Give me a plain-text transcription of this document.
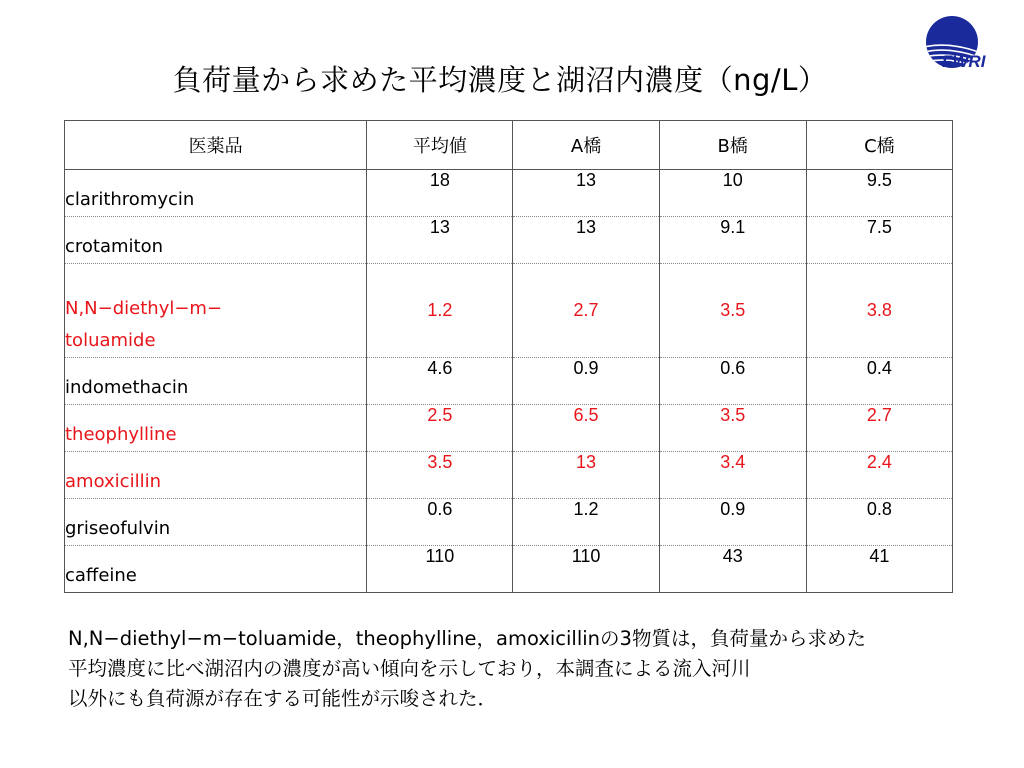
負荷量から求めた平均濃度と湖沼内濃度（ng/L）
FWRI
医薬品	平均値	A橋	B橋	C橋
clarithromycin	18	13	10	9.5
crotamiton	13	13	9.1	7.5
N,N−diethyl−m−
toluamide	1.2	2.7	3.5	3.8
indomethacin	4.6	0.9	0.6	0.4
theophylline	2.5	6.5	3.5	2.7
amoxicillin	3.5	13	3.4	2.4
griseofulvin	0.6	1.2	0.9	0.8
caffeine	110	110	43	41

N,N−diethyl−m−toluamide，theophylline，amoxicillinの3物質は，負荷量から求めた

平均濃度に比べ湖沼内の濃度が高い傾向を示しており，本調査による流入河川

以外にも負荷源が存在する可能性が示唆された．
